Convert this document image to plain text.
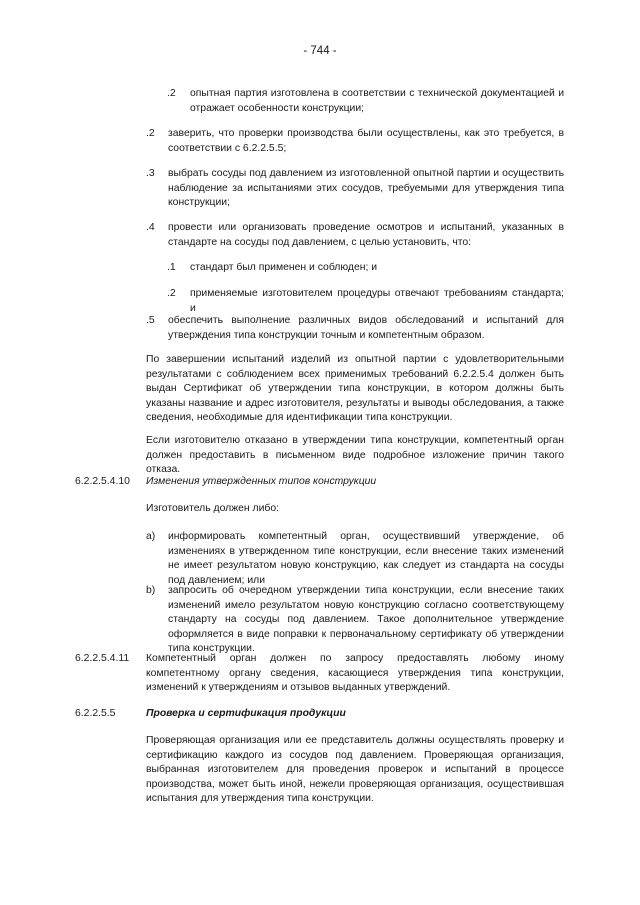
- 744 -
.2 опытная партия изготовлена в соответствии с технической документацией и отражает особенности конструкции;
.2 заверить, что проверки производства были осуществлены, как это требуется, в соответствии с 6.2.2.5.5;
.3 выбрать сосуды под давлением из изготовленной опытной партии и осуществить наблюдение за испытаниями этих сосудов, требуемыми для утверждения типа конструкции;
.4 провести или организовать проведение осмотров и испытаний, указанных в стандарте на сосуды под давлением, с целью установить, что:
.1 стандарт был применен и соблюден; и
.2 применяемые изготовителем процедуры отвечают требованиям стандарта; и
.5 обеспечить выполнение различных видов обследований и испытаний для утверждения типа конструкции точным и компетентным образом.
По завершении испытаний изделий из опытной партии с удовлетворительными результатами с соблюдением всех применимых требований 6.2.2.5.4 должен быть выдан Сертификат об утверждении типа конструкции, в котором должны быть указаны название и адрес изготовителя, результаты и выводы обследования, а также сведения, необходимые для идентификации типа конструкции.
Если изготовителю отказано в утверждении типа конструкции, компетентный орган должен предоставить в письменном виде подробное изложение причин такого отказа.
6.2.2.5.4.10 Изменения утвержденных типов конструкции
Изготовитель должен либо:
a) информировать компетентный орган, осуществивший утверждение, об изменениях в утвержденном типе конструкции, если внесение таких изменений не имеет результатом новую конструкцию, как следует из стандарта на сосуды под давлением; или
b) запросить об очередном утверждении типа конструкции, если внесение таких изменений имело результатом новую конструкцию согласно соответствующему стандарту на сосуды под давлением. Такое дополнительное утверждение оформляется в виде поправки к первоначальному сертификату об утверждении типа конструкции.
6.2.2.5.4.11 Компетентный орган должен по запросу предоставлять любому иному компетентному органу сведения, касающиеся утверждения типа конструкции, изменений к утверждениям и отзывов выданных утверждений.
6.2.2.5.5	Проверка и сертификация продукции
Проверяющая организация или ее представитель должны осуществлять проверку и сертификацию каждого из сосудов под давлением. Проверяющая организация, выбранная изготовителем для проведения проверок и испытаний в процессе производства, может быть иной, нежели проверяющая организация, осуществившая испытания для утверждения типа конструкции.
